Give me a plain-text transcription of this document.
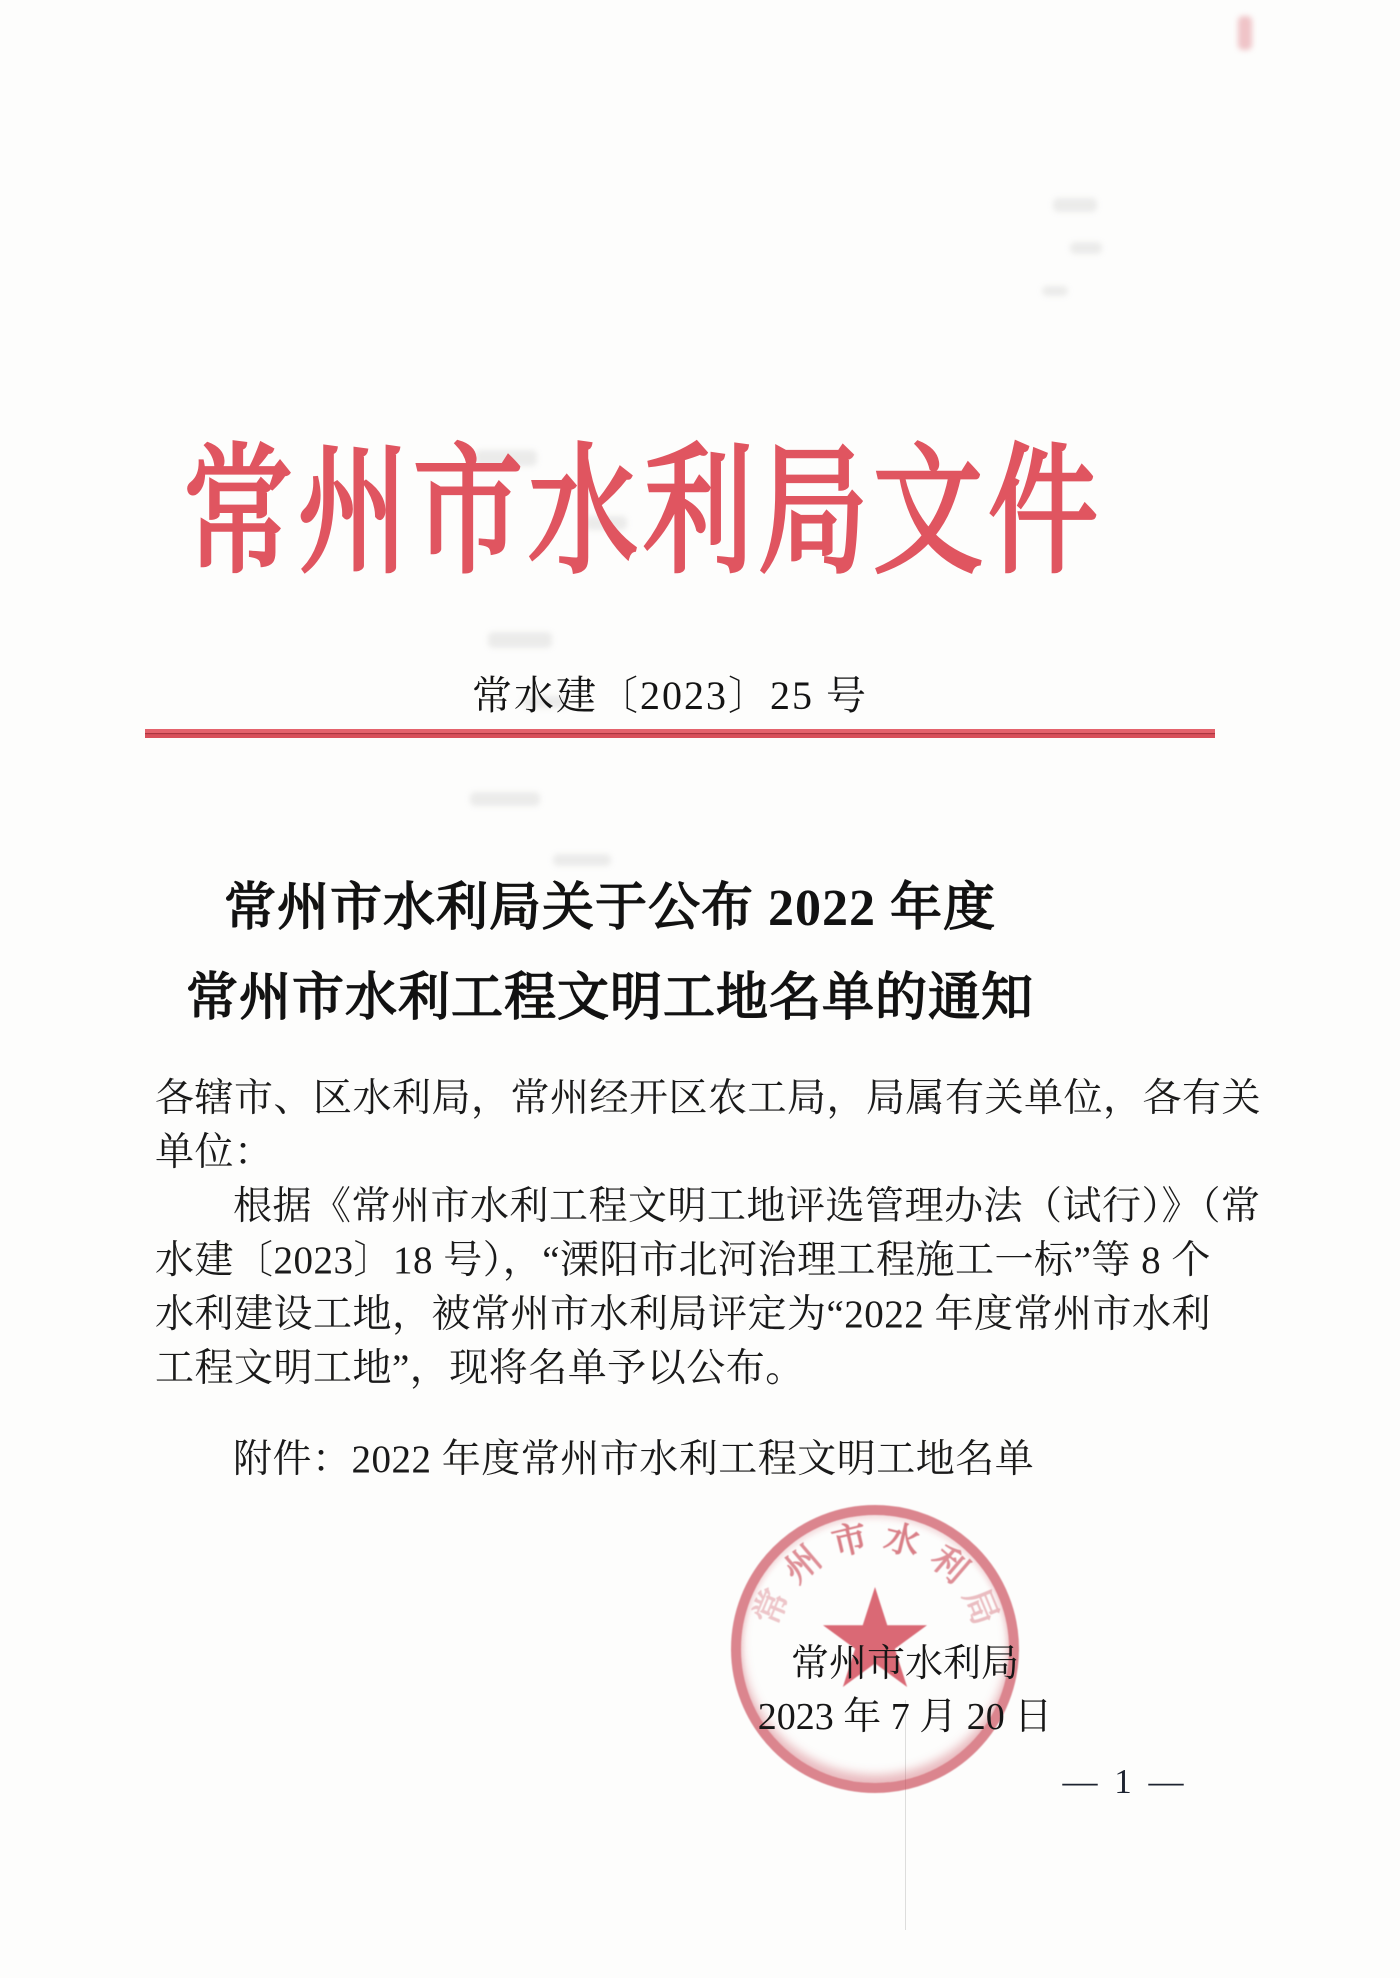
常州市水利局文件
常水建〔2023〕25 号
常州市水利局关于公布 2022 年度
常州市水利工程文明工地名单的通知
各辖市、区水利局，常州经开区农工局，局属有关单位，各有关
单位：
根据《常州市水利工程文明工地评选管理办法（试行）》（常
水建〔2023〕18 号），“溧阳市北河治理工程施工一标”等 8 个
水利建设工地，被常州市水利局评定为“2022 年度常州市水利
工程文明工地”，现将名单予以公布。
附件：2022 年度常州市水利工程文明工地名单
常
州 市 水 利
局
常州市水利局
2023 年 7 月 20 日
— 1 —
